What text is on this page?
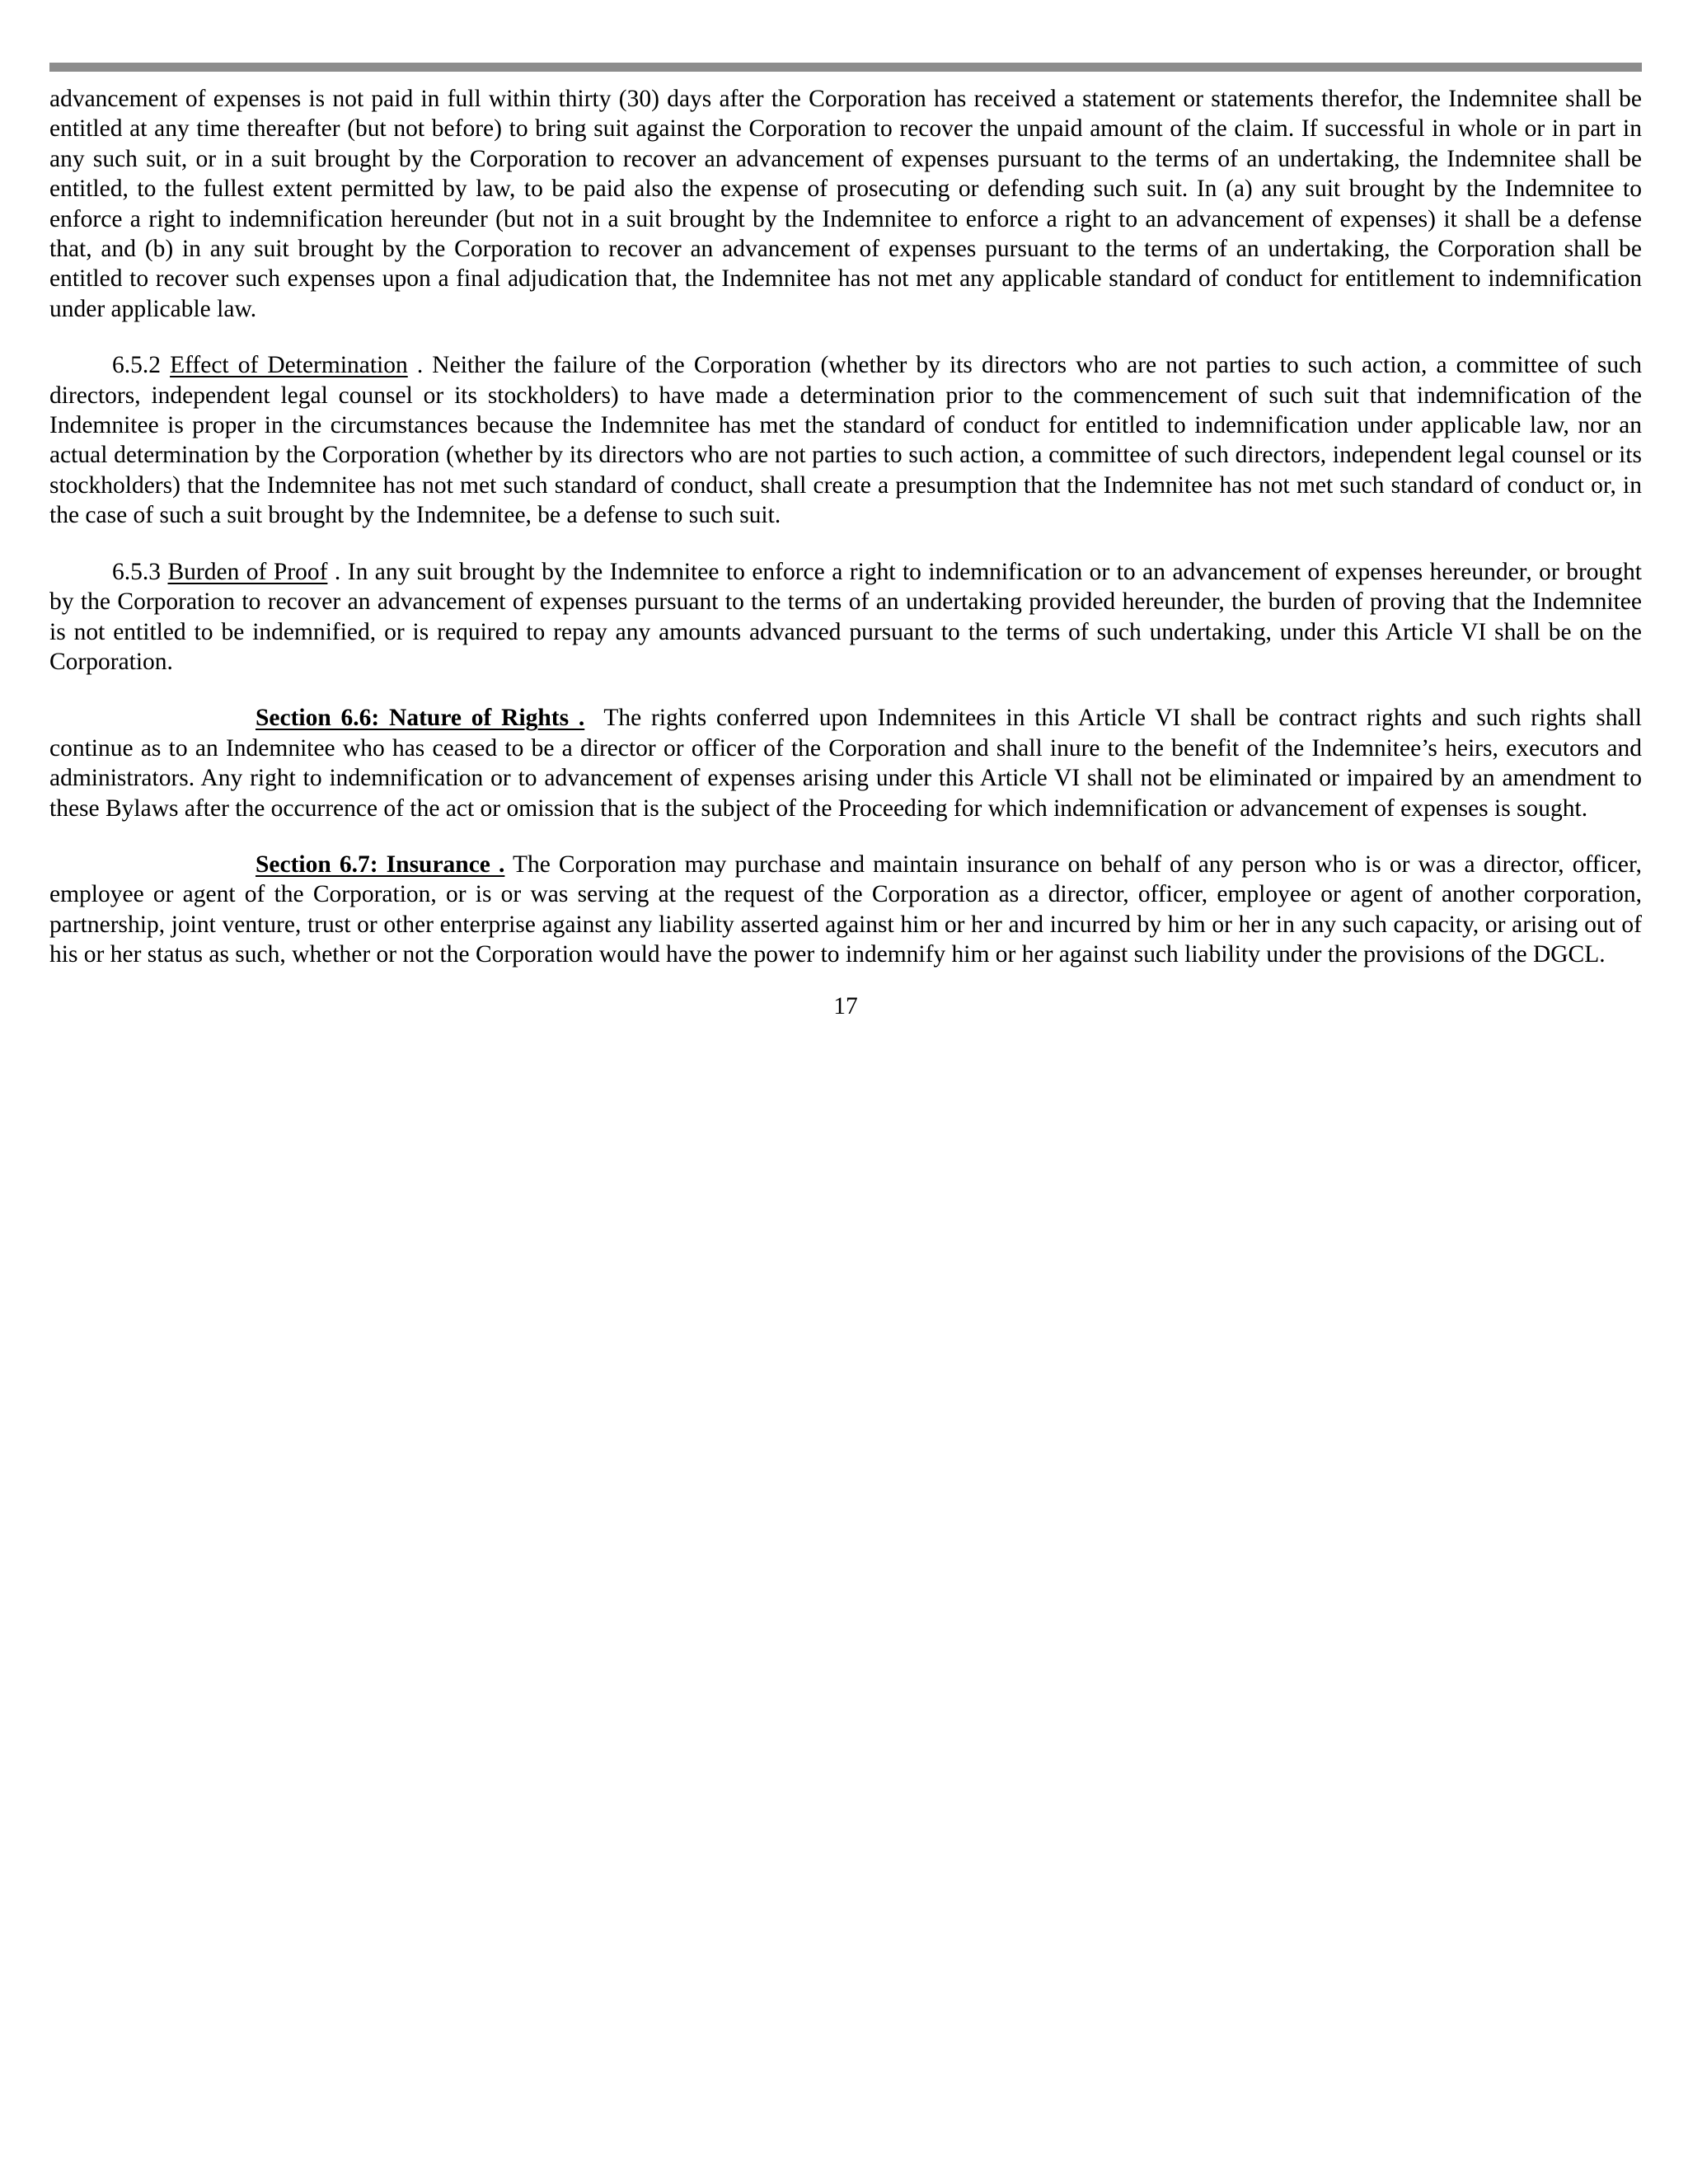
advancement of expenses is not paid in full within thirty (30) days after the Corporation has received a statement or statements therefor, the Indemnitee shall be entitled at any time thereafter (but not before) to bring suit against the Corporation to recover the unpaid amount of the claim. If successful in whole or in part in any such suit, or in a suit brought by the Corporation to recover an advancement of expenses pursuant to the terms of an undertaking, the Indemnitee shall be entitled, to the fullest extent permitted by law, to be paid also the expense of prosecuting or defending such suit. In (a) any suit brought by the Indemnitee to enforce a right to indemnification hereunder (but not in a suit brought by the Indemnitee to enforce a right to an advancement of expenses) it shall be a defense that, and (b) in any suit brought by the Corporation to recover an advancement of expenses pursuant to the terms of an undertaking, the Corporation shall be entitled to recover such expenses upon a final adjudication that, the Indemnitee has not met any applicable standard of conduct for entitlement to indemnification under applicable law.

6.5.2 Effect of Determination . Neither the failure of the Corporation (whether by its directors who are not parties to such action, a committee of such directors, independent legal counsel or its stockholders) to have made a determination prior to the commencement of such suit that indemnification of the Indemnitee is proper in the circumstances because the Indemnitee has met the standard of conduct for entitled to indemnification under applicable law, nor an actual determination by the Corporation (whether by its directors who are not parties to such action, a committee of such directors, independent legal counsel or its stockholders) that the Indemnitee has not met such standard of conduct, shall create a presumption that the Indemnitee has not met such standard of conduct or, in the case of such a suit brought by the Indemnitee, be a defense to such suit.

6.5.3 Burden of Proof . In any suit brought by the Indemnitee to enforce a right to indemnification or to an advancement of expenses hereunder, or brought by the Corporation to recover an advancement of expenses pursuant to the terms of an undertaking provided hereunder, the burden of proving that the Indemnitee is not entitled to be indemnified, or is required to repay any amounts advanced pursuant to the terms of such undertaking, under this Article VI shall be on the Corporation.

Section 6.6: Nature of Rights . The rights conferred upon Indemnitees in this Article VI shall be contract rights and such rights shall continue as to an Indemnitee who has ceased to be a director or officer of the Corporation and shall inure to the benefit of the Indemnitee’s heirs, executors and administrators. Any right to indemnification or to advancement of expenses arising under this Article VI shall not be eliminated or impaired by an amendment to these Bylaws after the occurrence of the act or omission that is the subject of the Proceeding for which indemnification or advancement of expenses is sought.

Section 6.7: Insurance . The Corporation may purchase and maintain insurance on behalf of any person who is or was a director, officer, employee or agent of the Corporation, or is or was serving at the request of the Corporation as a director, officer, employee or agent of another corporation, partnership, joint venture, trust or other enterprise against any liability asserted against him or her and incurred by him or her in any such capacity, or arising out of his or her status as such, whether or not the Corporation would have the power to indemnify him or her against such liability under the provisions of the DGCL.

17
